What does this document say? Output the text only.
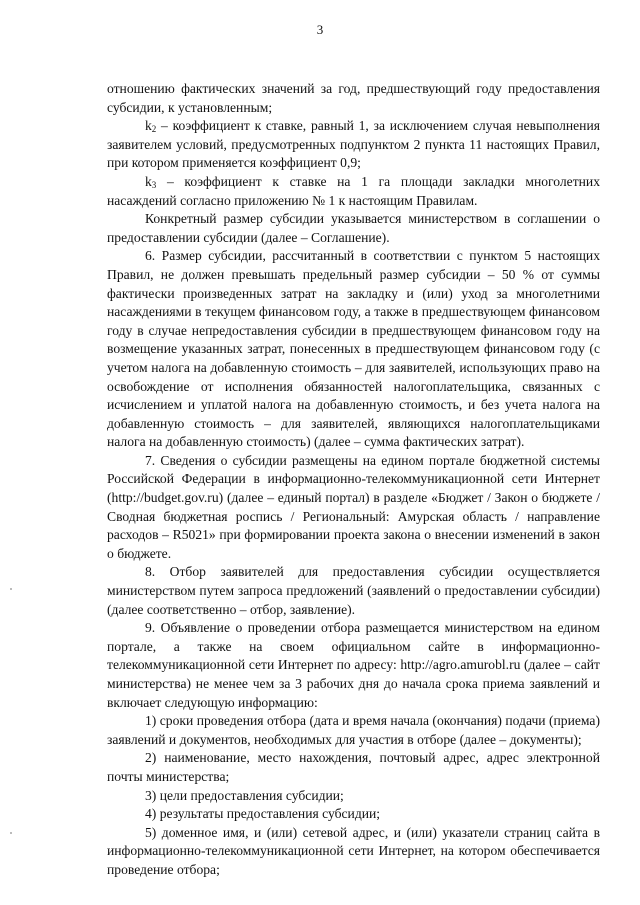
3

отношению фактических значений за год, предшествующий году предоставления субсидии, к установленным;

$k_2$ – коэффициент к ставке, равный 1, за исключением случая невыполнения заявителем условий, предусмотренных подпунктом 2 пункта 11 настоящих Правил, при котором применяется коэффициент 0,9;

$k_3$ – коэффициент к ставке на 1 га площади закладки многолетних насаждений согласно приложению № 1 к настоящим Правилам.

Конкретный размер субсидии указывается министерством в соглашении о предоставлении субсидии (далее – Соглашение).

6. Размер субсидии, рассчитанный в соответствии с пунктом 5 настоящих Правил, не должен превышать предельный размер субсидии – 50 % от суммы фактически произведенных затрат на закладку и (или) уход за многолетними насаждениями в текущем финансовом году, а также в предшествующем финансовом году в случае непредоставления субсидии в предшествующем финансовом году на возмещение указанных затрат, понесенных в предшествующем финансовом году (с учетом налога на добавленную стоимость – для заявителей, использующих право на освобождение от исполнения обязанностей налогоплательщика, связанных с исчислением и уплатой налога на добавленную стоимость, и без учета налога на добавленную стоимость – для заявителей, являющихся налогоплательщиками налога на добавленную стоимость) (далее – сумма фактических затрат).

7. Сведения о субсидии размещены на едином портале бюджетной системы Российской Федерации в информационно-телекоммуникационной сети Интернет (http://budget.gov.ru) (далее – единый портал) в разделе «Бюджет / Закон о бюджете / Сводная бюджетная роспись / Региональный: Амурская область / направление расходов – R5021» при формировании проекта закона о внесении изменений в закон о бюджете.

8. Отбор заявителей для предоставления субсидии осуществляется министерством путем запроса предложений (заявлений о предоставлении субсидии) (далее соответственно – отбор, заявление).

9. Объявление о проведении отбора размещается министерством на едином портале, а также на своем официальном сайте в информационно-телекоммуникационной сети Интернет по адресу: http://agro.amurobl.ru (далее – сайт министерства) не менее чем за 3 рабочих дня до начала срока приема заявлений и включает следующую информацию:

1) сроки проведения отбора (дата и время начала (окончания) подачи (приема) заявлений и документов, необходимых для участия в отборе (далее – документы);

2) наименование, место нахождения, почтовый адрес, адрес электронной почты министерства;

3) цели предоставления субсидии;

4) результаты предоставления субсидии;

5) доменное имя, и (или) сетевой адрес, и (или) указатели страниц сайта в информационно-телекоммуникационной сети Интернет, на котором обеспечивается проведение отбора;
